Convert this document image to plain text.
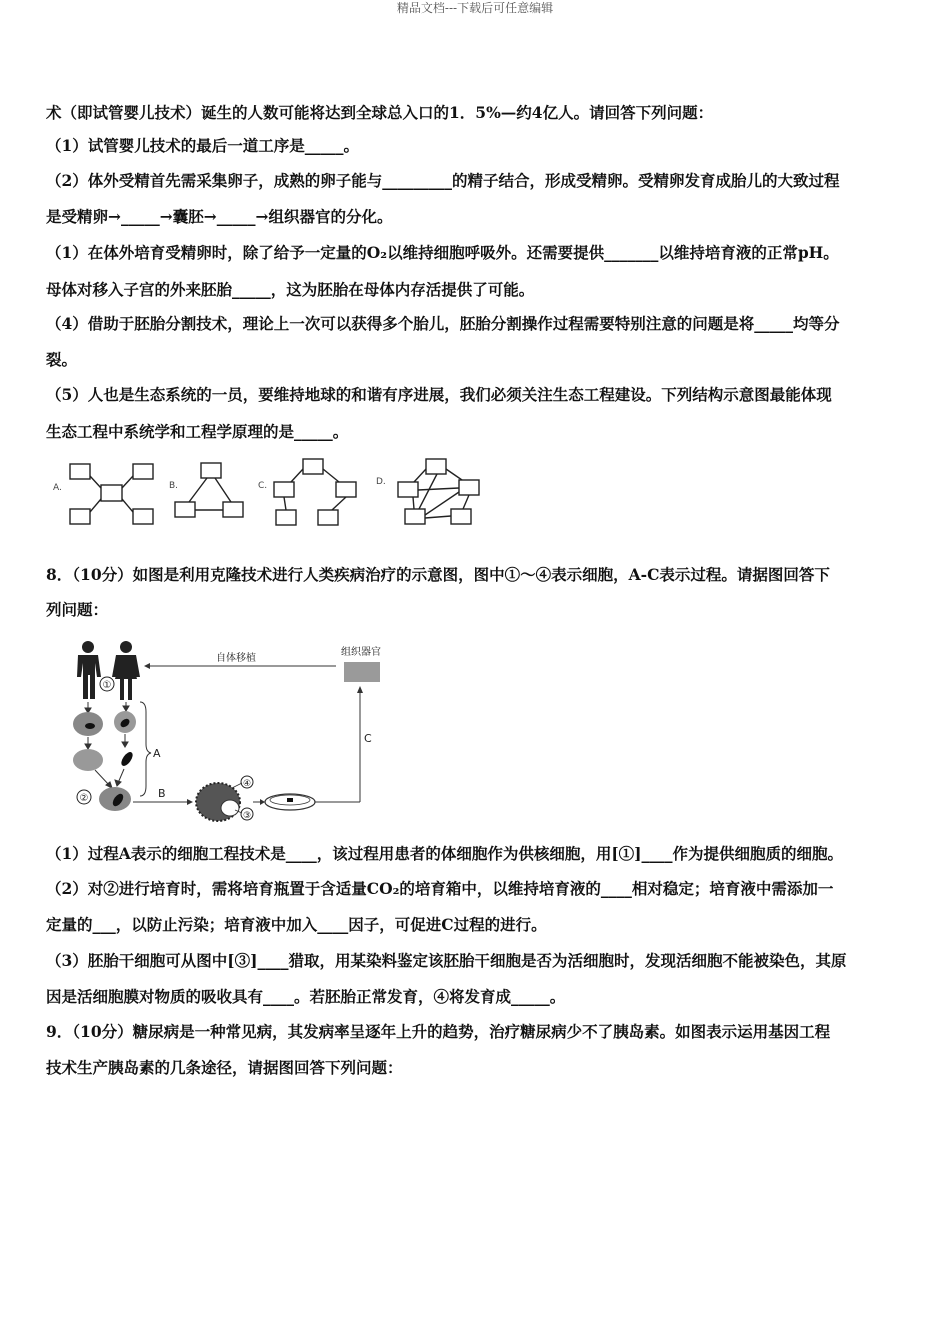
精品文档---下载后可任意编辑
术（即试管婴儿技术）诞生的人数可能将达到全球总入口的1．5%—约4亿人。请回答下列问题：
（1）试管婴儿技术的最后一道工序是_____。
（2）体外受精首先需采集卵子，成熟的卵子能与_________的精子结合，形成受精卵。受精卵发育成胎儿的大致过程
是受精卵→_____→囊胚→_____→组织器官的分化。
（1）在体外培育受精卵时，除了给予一定量的O₂以维持细胞呼吸外。还需要提供_______以维持培育液的正常pH。
母体对移入子宫的外来胚胎_____，这为胚胎在母体内存活提供了可能。
（4）借助于胚胎分割技术，理论上一次可以获得多个胎儿，胚胎分割操作过程需要特别注意的问题是将_____均等分
裂。
（5）人也是生态系统的一员，要维持地球的和谐有序进展，我们必须关注生态工程建设。下列结构示意图最能体现
生态工程中系统学和工程学原理的是_____。
A.	B.	C.	D.
8．（10分）如图是利用克隆技术进行人类疾病治疗的示意图，图中①～④表示细胞，A-C表示过程。请据图回答下
列问题：
①
②
A
B
④
③
C
组织器官
自体移植
（1）过程A表示的细胞工程技术是____，该过程用患者的体细胞作为供核细胞，用[①]____作为提供细胞质的细胞。
（2）对②进行培育时，需将培育瓶置于含适量CO₂的培育箱中，以维持培育液的____相对稳定；培育液中需添加一
定量的___，以防止污染；培育液中加入____因子，可促进C过程的进行。
（3）胚胎干细胞可从图中[③]____猎取，用某染料鉴定该胚胎干细胞是否为活细胞时，发现活细胞不能被染色，其原
因是活细胞膜对物质的吸收具有____。若胚胎正常发育，④将发育成_____。
9．（10分）糖尿病是一种常见病，其发病率呈逐年上升的趋势，治疗糖尿病少不了胰岛素。如图表示运用基因工程
技术生产胰岛素的几条途径，请据图回答下列问题：
